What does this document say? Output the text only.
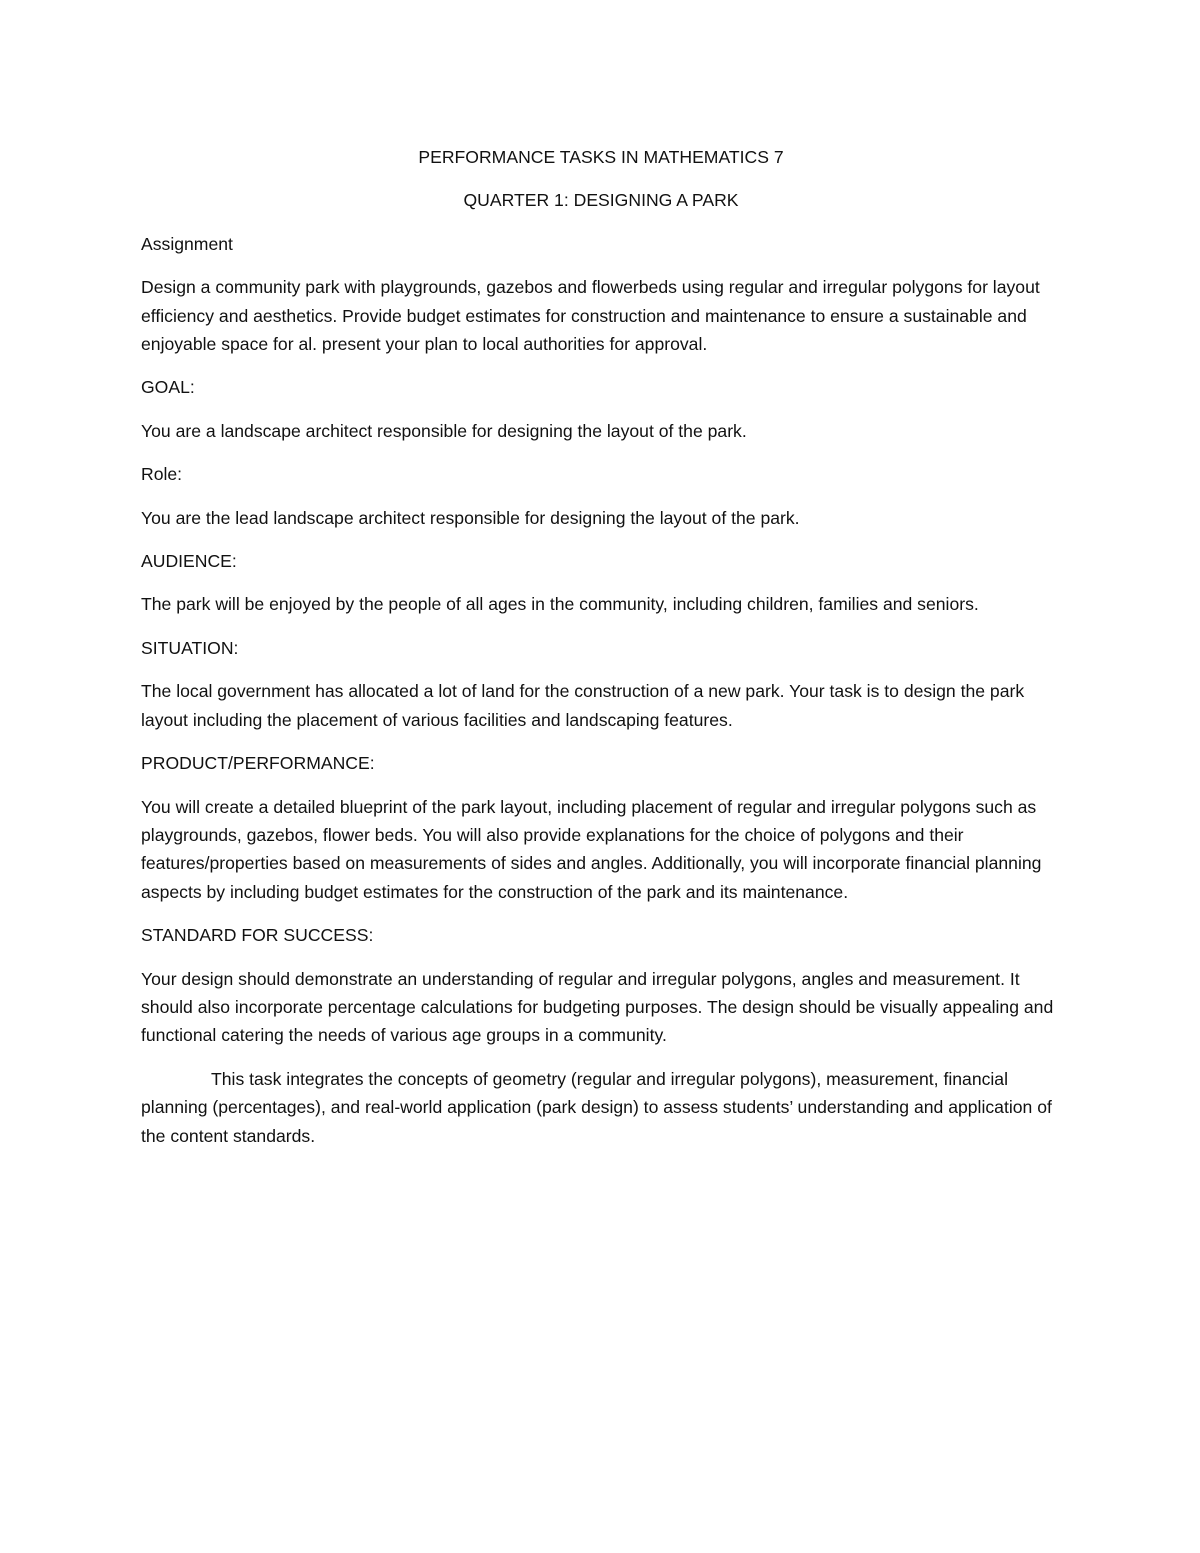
PERFORMANCE TASKS IN MATHEMATICS 7

QUARTER 1: DESIGNING A PARK

Assignment

Design a community park with playgrounds, gazebos and flowerbeds using regular and irregular polygons for layout efficiency and aesthetics. Provide budget estimates for construction and maintenance to ensure a sustainable and enjoyable space for al. present your plan to local authorities for approval.

GOAL:

You are a landscape architect responsible for designing the layout of the park.

Role:

You are the lead landscape architect responsible for designing the layout of the park.

AUDIENCE:

The park will be enjoyed by the people of all ages in the community, including children, families and seniors.

SITUATION:

The local government has allocated a lot of land for the construction of a new park. Your task is to design the park layout including the placement of various facilities and landscaping features.

PRODUCT/PERFORMANCE:

You will create a detailed blueprint of the park layout, including placement of regular and irregular polygons such as playgrounds, gazebos, flower beds. You will also provide explanations for the choice of polygons and their features/properties based on measurements of sides and angles. Additionally, you will incorporate financial planning aspects by including budget estimates for the construction of the park and its maintenance.

STANDARD FOR SUCCESS:

Your design should demonstrate an understanding of regular and irregular polygons, angles and measurement. It should also incorporate percentage calculations for budgeting purposes. The design should be visually appealing and functional catering the needs of various age groups in a community.

This task integrates the concepts of geometry (regular and irregular polygons), measurement, financial planning (percentages), and real-world application (park design) to assess students’ understanding and application of the content standards.
